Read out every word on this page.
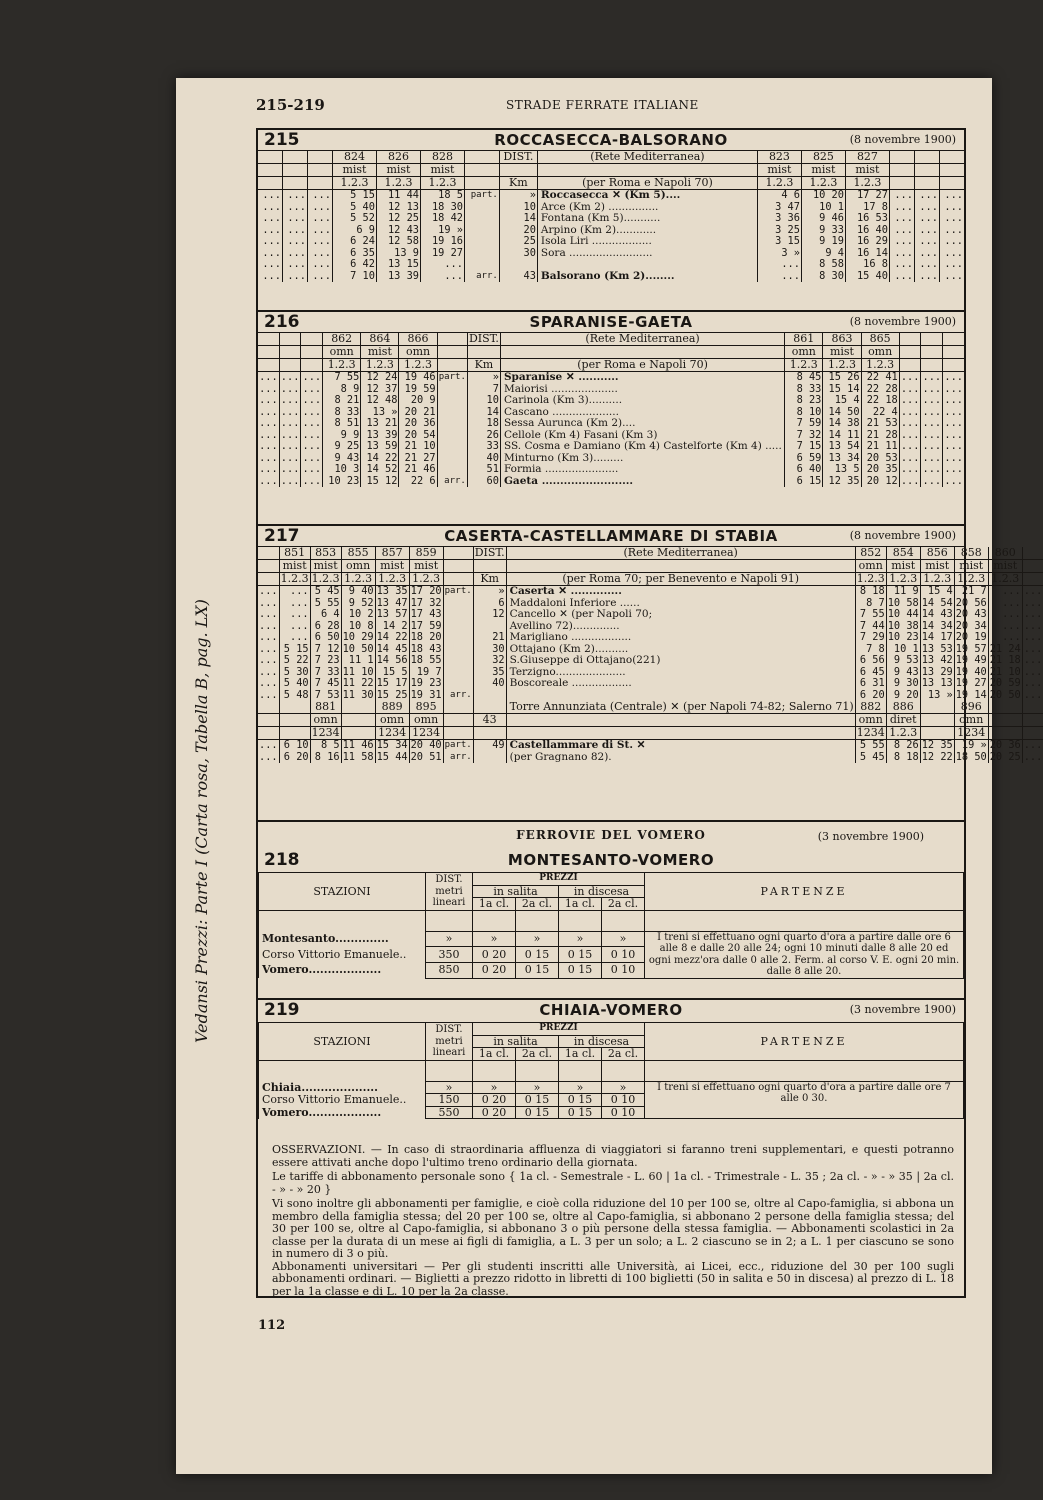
215-219	STRADE FERRATE ITALIANE
Vedansi Prezzi: Parte I (Carta rosa, Tabella B, pag. LX)
215	ROCCASECCA-BALSORANO	(8 novembre 1900)
			824	826	828		DIST.	(Rete Mediterranea)	823	825	827			
			mist	mist	mist				mist	mist	mist			
			1.2.3	1.2.3	1.2.3		Km	(per Roma e Napoli 70)	1.2.3	1.2.3	1.2.3			
...	...	...	5 15	11 44	18 5	part.	»	Roccasecca ✕ (Km 5)....	4 6	10 20	17 27	...	...	...
...	...	...	5 40	12 13	18 30		10	Arce (Km 2) ...............	3 47	10 1	17 8	...	...	...
...	...	...	5 52	12 25	18 42		14	Fontana (Km 5)...........	3 36	9 46	16 53	...	...	...
...	...	...	6 9	12 43	19 »		20	Arpino (Km 2)............	3 25	9 33	16 40	...	...	...
...	...	...	6 24	12 58	19 16		25	Isola Liri ..................	3 15	9 19	16 29	...	...	...
...	...	...	6 35	13 9	19 27		30	Sora .........................	3 »	9 4	16 14	...	...	...
...	...	...	6 42	13 15	...				...	8 58	16 8	...	...	...
...	...	...	7 10	13 39	...	arr.	43	Balsorano (Km 2)........	...	8 30	15 40	...	...	...
216	SPARANISE-GAETA	(8 novembre 1900)
			862	864	866		DIST.	(Rete Mediterranea)	861	863	865			
			omn	mist	omn				omn	mist	omn			
			1.2.3	1.2.3	1.2.3		Km	(per Roma e Napoli 70)	1.2.3	1.2.3	1.2.3			
...	...	...	7 55	12 24	19 46	part.	»	Sparanise ✕ ...........	8 45	15 26	22 41	...	...	...
...	...	...	8 9	12 37	19 59		7	Maiorisi ....................	8 33	15 14	22 28	...	...	...
...	...	...	8 21	12 48	20 9		10	Carinola (Km 3)..........	8 23	15 4	22 18	...	...	...
...	...	...	8 33	13 »	20 21		14	Cascano ....................	8 10	14 50	22 4	...	...	...
...	...	...	8 51	13 21	20 36		18	Sessa Aurunca (Km 2)....	7 59	14 38	21 53	...	...	...
...	...	...	9 9	13 39	20 54		26	Cellole (Km 4) Fasani (Km 3)	7 32	14 11	21 28	...	...	...
...	...	...	9 25	13 59	21 10		33	SS. Cosma e Damiano (Km 4) Castelforte (Km 4) .....	7 15	13 54	21 11	...	...	...
...	...	...	9 43	14 22	21 27		40	Minturno (Km 3).........	6 59	13 34	20 53	...	...	...
...	...	...	10 3	14 52	21 46		51	Formia ......................	6 40	13 5	20 35	...	...	...
...	...	...	10 23	15 12	22 6	arr.	60	Gaeta .........................	6 15	12 35	20 12	...	...	...
217	CASERTA-CASTELLAMMARE DI STABIA	(8 novembre 1900)
	851	853	855	857	859		DIST.	(Rete Mediterranea)	852	854	856	858	860	
	mist	mist	omn	mist	mist				omn	mist	mist	mist	mist	
	1.2.3	1.2.3	1.2.3	1.2.3	1.2.3		Km	(per Roma 70; per Benevento e Napoli 91)	1.2.3	1.2.3	1.2.3	1.2.3	1.2.3	
...	...	5 45	9 40	13 35	17 20	part.	»	Caserta ✕ ..............	8 18	11 9	15 4	21 7	...	...
...	...	5 55	9 52	13 47	17 32		6	Maddaloni Inferiore ......	8 7	10 58	14 54	20 56	...	...
...	...	6 4	10 2	13 57	17 43		12	Cancello ✕ (per Napoli 70;	7 55	10 44	14 43	20 43	...	...
...	...	6 28	10 8	14 2	17 59			Avellino 72)..............	7 44	10 38	14 34	20 34	...	...
...	...	6 50	10 29	14 22	18 20		21	Marigliano ..................	7 29	10 23	14 17	20 19	...	...
...	5 15	7 12	10 50	14 45	18 43		30	Ottajano (Km 2)..........	7 8	10 1	13 53	19 57	21 24	...
...	5 22	7 23	11 1	14 56	18 55		32	S.Giuseppe di Ottajano(221)	6 56	9 53	13 42	19 49	21 18	...
...	5 30	7 33	11 10	15 5	19 7		35	Terzigno.....................	6 45	9 43	13 29	19 40	21 10	...
...	5 40	7 45	11 22	15 17	19 23		40	Boscoreale ..................	6 31	9 30	13 13	19 27	20 59	...
...	5 48	7 53	11 30	15 25	19 31	arr.			6 20	9 20	13 »	19 14	20 50	...
		881		889	895			Torre Annunziata (Centrale) ✕ (per Napoli 74-82; Salerno 71)	882	886		896		
		omn		omn	omn		43		omn	diret		omn		
		1234		1234	1234				1234	1.2.3		1234		
...	6 10	8 5	11 46	15 34	20 40	part.	49	Castellammare di St. ✕	5 55	8 26	12 35	19 »	20 36	...
...	6 20	8 16	11 58	15 44	20 51	arr.		(per Gragnano 82).	5 45	8 18	12 22	18 50	20 25	...
FERROVIE DEL VOMERO	(3 novembre 1900)
218	MONTESANTO-VOMERO
STAZIONI	DIST. metri lineari	PREZZI				PARTENZE
		in salita		in discesa		
		1a cl.	2a cl.	1a cl.	2a cl.	

Montesanto..............	»	»	»	»	»	I treni si effettuano ogni quarto d'ora a partire dalle ore 6 alle 8 e dalle 20 alle 24; ogni 10 minuti dalle 8 alle 20 ed ogni mezz'ora dalle 0 alle 2. Ferm. al corso V. E. ogni 20 min. dalle 8 alle 20.
Corso Vittorio Emanuele..	350	0 20	0 15	0 15	0 10	
Vomero...................	850	0 20	0 15	0 15	0 10	
219	CHIAIA-VOMERO	(3 novembre 1900)
STAZIONI	DIST. metri lineari	PREZZI				PARTENZE
		in salita		in discesa		
		1a cl.	2a cl.	1a cl.	2a cl.	

Chiaia....................	»	»	»	»	»	I treni si effettuano ogni quarto d'ora a partire dalle ore 7 alle 0 30.
Corso Vittorio Emanuele..	150	0 20	0 15	0 15	0 10	
Vomero...................	550	0 20	0 15	0 15	0 10	
OSSERVAZIONI. — In caso di straordinaria affluenza di viaggiatori si faranno treni supplementari, e questi potranno essere attivati anche dopo l'ultimo treno ordinario della giornata.
Le tariffe di abbonamento personale sono { 1a cl. - Semestrale - L. 60 | 1a cl. - Trimestrale - L. 35 ; 2a cl. - » - » 35 | 2a cl. - » - » 20 }
Vi sono inoltre gli abbonamenti per famiglie, e cioè colla riduzione del 10 per 100 se, oltre al Capo-famiglia, si abbona un membro della famiglia stessa; del 20 per 100 se, oltre al Capo-famiglia, si abbonano 2 persone della famiglia stessa; del 30 per 100 se, oltre al Capo-famiglia, si abbonano 3 o più persone della stessa famiglia. — Abbonamenti scolastici in 2a classe per la durata di un mese ai figli di famiglia, a L. 3 per un solo; a L. 2 ciascuno se in 2; a L. 1 per ciascuno se sono in numero di 3 o più.
Abbonamenti universitari — Per gli studenti inscritti alle Università, ai Licei, ecc., riduzione del 30 per 100 sugli abbonamenti ordinari. — Biglietti a prezzo ridotto in libretti di 100 biglietti (50 in salita e 50 in discesa) al prezzo di L. 18 per la 1a classe e di L. 10 per la 2a classe.
112
